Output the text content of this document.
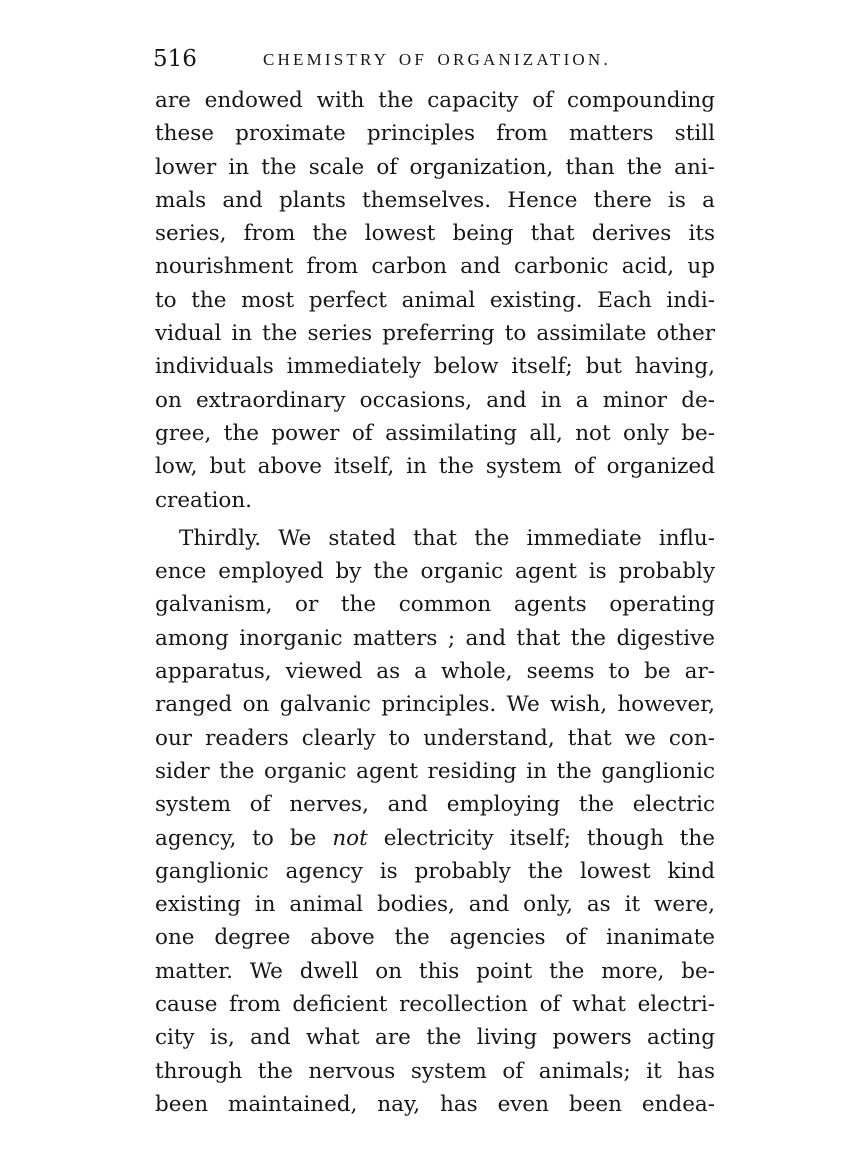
516	CHEMISTRY OF ORGANIZATION.
are endowed with the capacity of compounding
these proximate principles from matters still
lower in the scale of organization, than the ani-
mals and plants themselves. Hence there is a
series, from the lowest being that derives its
nourishment from carbon and carbonic acid, up
to the most perfect animal existing. Each indi-
vidual in the series preferring to assimilate other
individuals immediately below itself; but having,
on extraordinary occasions, and in a minor de-
gree, the power of assimilating all, not only be-
low, but above itself, in the system of organized
creation.
Thirdly. We stated that the immediate influ-
ence employed by the organic agent is probably
galvanism, or the common agents operating
among inorganic matters ; and that the digestive
apparatus, viewed as a whole, seems to be ar-
ranged on galvanic principles. We wish, however,
our readers clearly to understand, that we con-
sider the organic agent residing in the ganglionic
system of nerves, and employing the electric
agency, to be not electricity itself; though the
ganglionic agency is probably the lowest kind
existing in animal bodies, and only, as it were,
one degree above the agencies of inanimate
matter. We dwell on this point the more, be-
cause from deficient recollection of what electri-
city is, and what are the living powers acting
through the nervous system of animals; it has
been maintained, nay, has even been endea-
